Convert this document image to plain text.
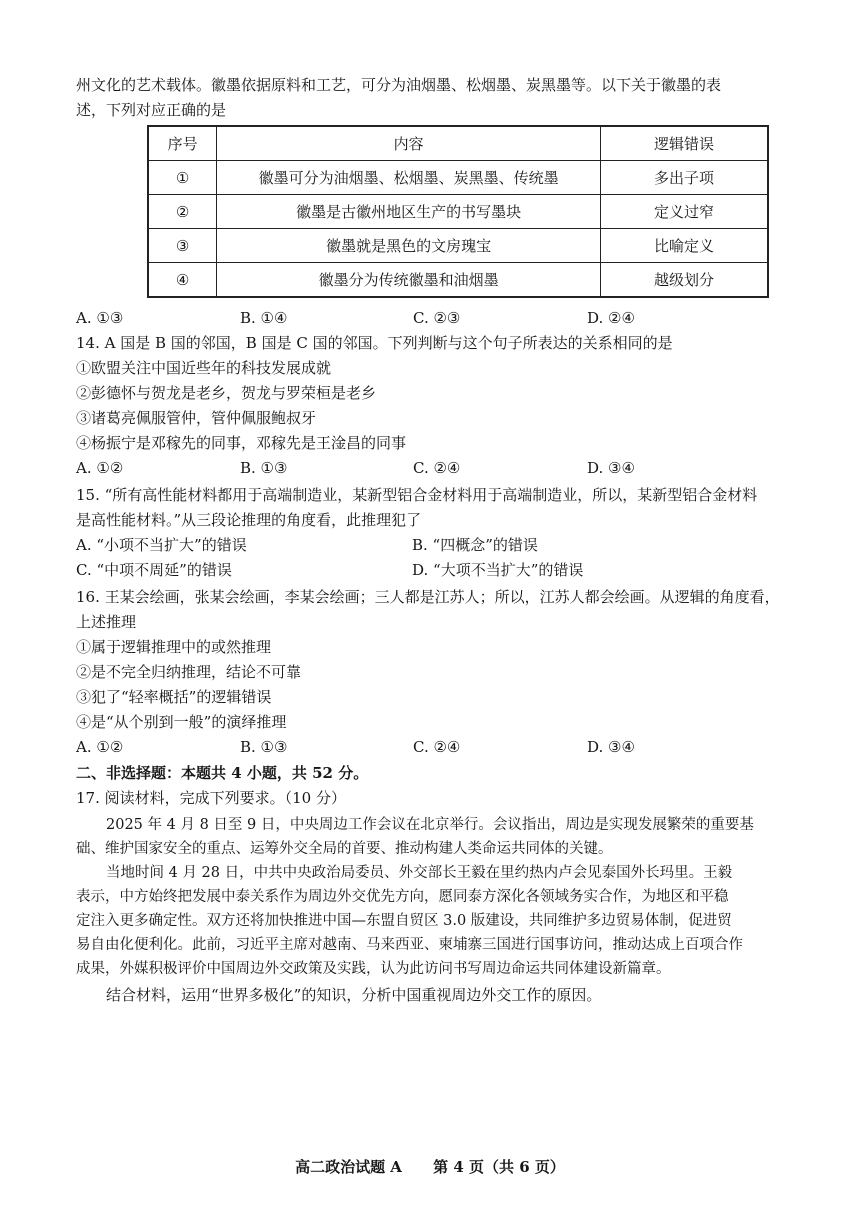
州文化的艺术载体。徽墨依据原料和工艺，可分为油烟墨、松烟墨、炭黑墨等。以下关于徽墨的表
述，下列对应正确的是
序号	内容	逻辑错误
①	徽墨可分为油烟墨、松烟墨、炭黑墨、传统墨	多出子项
②	徽墨是古徽州地区生产的书写墨块	定义过窄
③	徽墨就是黑色的文房瑰宝	比喻定义
④	徽墨分为传统徽墨和油烟墨	越级划分
A. ①③	B. ①④	C. ②③	D. ②④
14. A 国是 B 国的邻国，B 国是 C 国的邻国。下列判断与这个句子所表达的关系相同的是
①欧盟关注中国近些年的科技发展成就
②彭德怀与贺龙是老乡，贺龙与罗荣桓是老乡
③诸葛亮佩服管仲，管仲佩服鲍叔牙
④杨振宁是邓稼先的同事，邓稼先是王淦昌的同事
A. ①②	B. ①③	C. ②④	D. ③④
15. “所有高性能材料都用于高端制造业，某新型铝合金材料用于高端制造业，所以，某新型铝合金材料
是高性能材料。”从三段论推理的角度看，此推理犯了
A. “小项不当扩大”的错误	B. “四概念”的错误
C. “中项不周延”的错误	D. “大项不当扩大”的错误
16. 王某会绘画，张某会绘画，李某会绘画；三人都是江苏人；所以，江苏人都会绘画。从逻辑的角度看，
上述推理
①属于逻辑推理中的或然推理
②是不完全归纳推理，结论不可靠
③犯了“轻率概括”的逻辑错误
④是“从个别到一般”的演绎推理
A. ①②	B. ①③	C. ②④	D. ③④
二、非选择题：本题共 4 小题，共 52 分。
17. 阅读材料，完成下列要求。（10 分）
2025 年 4 月 8 日至 9 日，中央周边工作会议在北京举行。会议指出，周边是实现发展繁荣的重要基
础、维护国家安全的重点、运筹外交全局的首要、推动构建人类命运共同体的关键。
当地时间 4 月 28 日，中共中央政治局委员、外交部长王毅在里约热内卢会见泰国外长玛里。王毅
表示，中方始终把发展中泰关系作为周边外交优先方向，愿同泰方深化各领域务实合作，为地区和平稳
定注入更多确定性。双方还将加快推进中国—东盟自贸区 3.0 版建设，共同维护多边贸易体制，促进贸
易自由化便利化。此前，习近平主席对越南、马来西亚、柬埔寨三国进行国事访问，推动达成上百项合作
成果，外媒积极评价中国周边外交政策及实践，认为此访问书写周边命运共同体建设新篇章。
结合材料，运用“世界多极化”的知识，分析中国重视周边外交工作的原因。
高二政治试题 A 第 4 页（共 6 页）
